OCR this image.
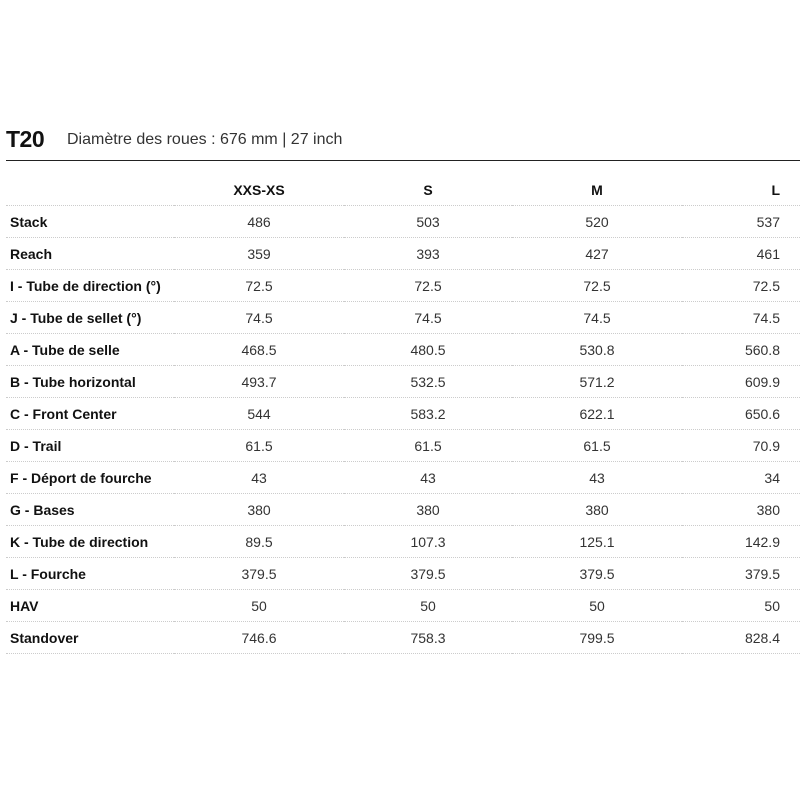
T20 Diamètre des roues : 676 mm | 27 inch
	XXS-XS	S	M	L
Stack	486	503	520	537
Reach	359	393	427	461
I - Tube de direction (°)	72.5	72.5	72.5	72.5
J - Tube de sellet (°)	74.5	74.5	74.5	74.5
A - Tube de selle	468.5	480.5	530.8	560.8
B - Tube horizontal	493.7	532.5	571.2	609.9
C - Front Center	544	583.2	622.1	650.6
D - Trail	61.5	61.5	61.5	70.9
F - Déport de fourche	43	43	43	34
G - Bases	380	380	380	380
K - Tube de direction	89.5	107.3	125.1	142.9
L - Fourche	379.5	379.5	379.5	379.5
HAV	50	50	50	50
Standover	746.6	758.3	799.5	828.4
